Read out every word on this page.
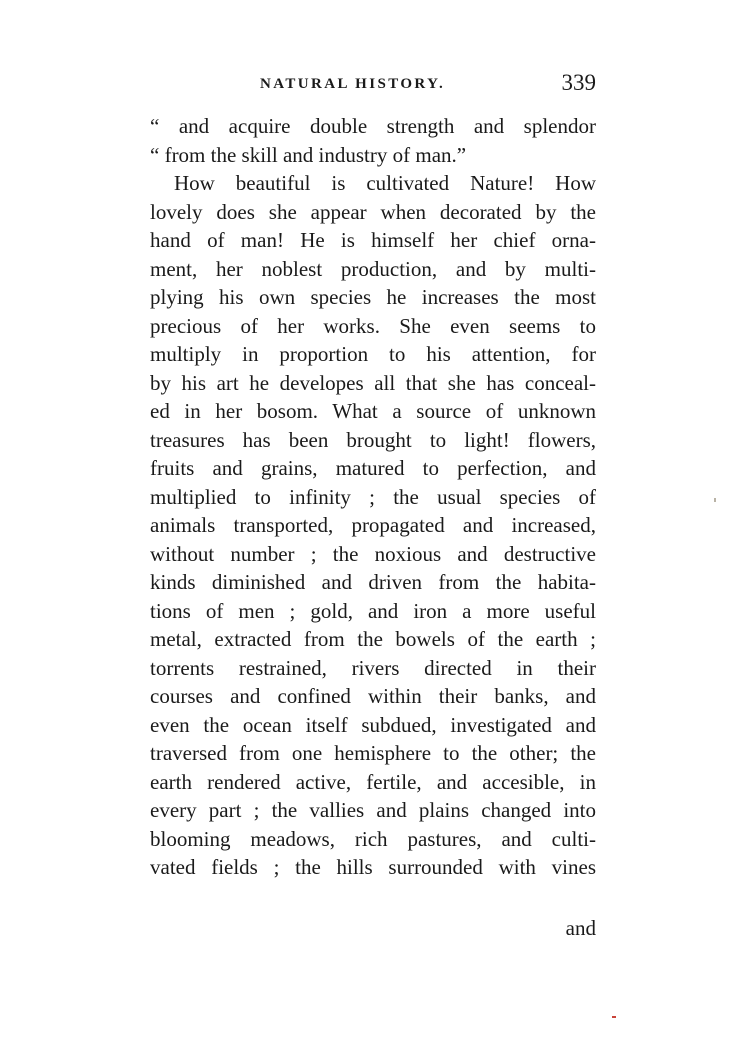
NATURAL HISTORY.	339
“ and acquire double strength and splendor
“ from the skill and industry of man.”
How beautiful is cultivated Nature! How
lovely does she appear when decorated by the
hand of man! He is himself her chief orna-
ment, her noblest production, and by multi-
plying his own species he increases the most
precious of her works. She even seems to
multiply in proportion to his attention, for
by his art he developes all that she has conceal-
ed in her bosom. What a source of unknown
treasures has been brought to light! flowers,
fruits and grains, matured to perfection, and
multiplied to infinity ; the usual species of
animals transported, propagated and increased,
without number ; the noxious and destructive
kinds diminished and driven from the habita-
tions of men ; gold, and iron a more useful
metal, extracted from the bowels of the earth ;
torrents restrained, rivers directed in their
courses and confined within their banks, and
even the ocean itself subdued, investigated and
traversed from one hemisphere to the other; the
earth rendered active, fertile, and accesible, in
every part ; the vallies and plains changed into
blooming meadows, rich pastures, and culti-
vated fields ; the hills surrounded with vines
and
